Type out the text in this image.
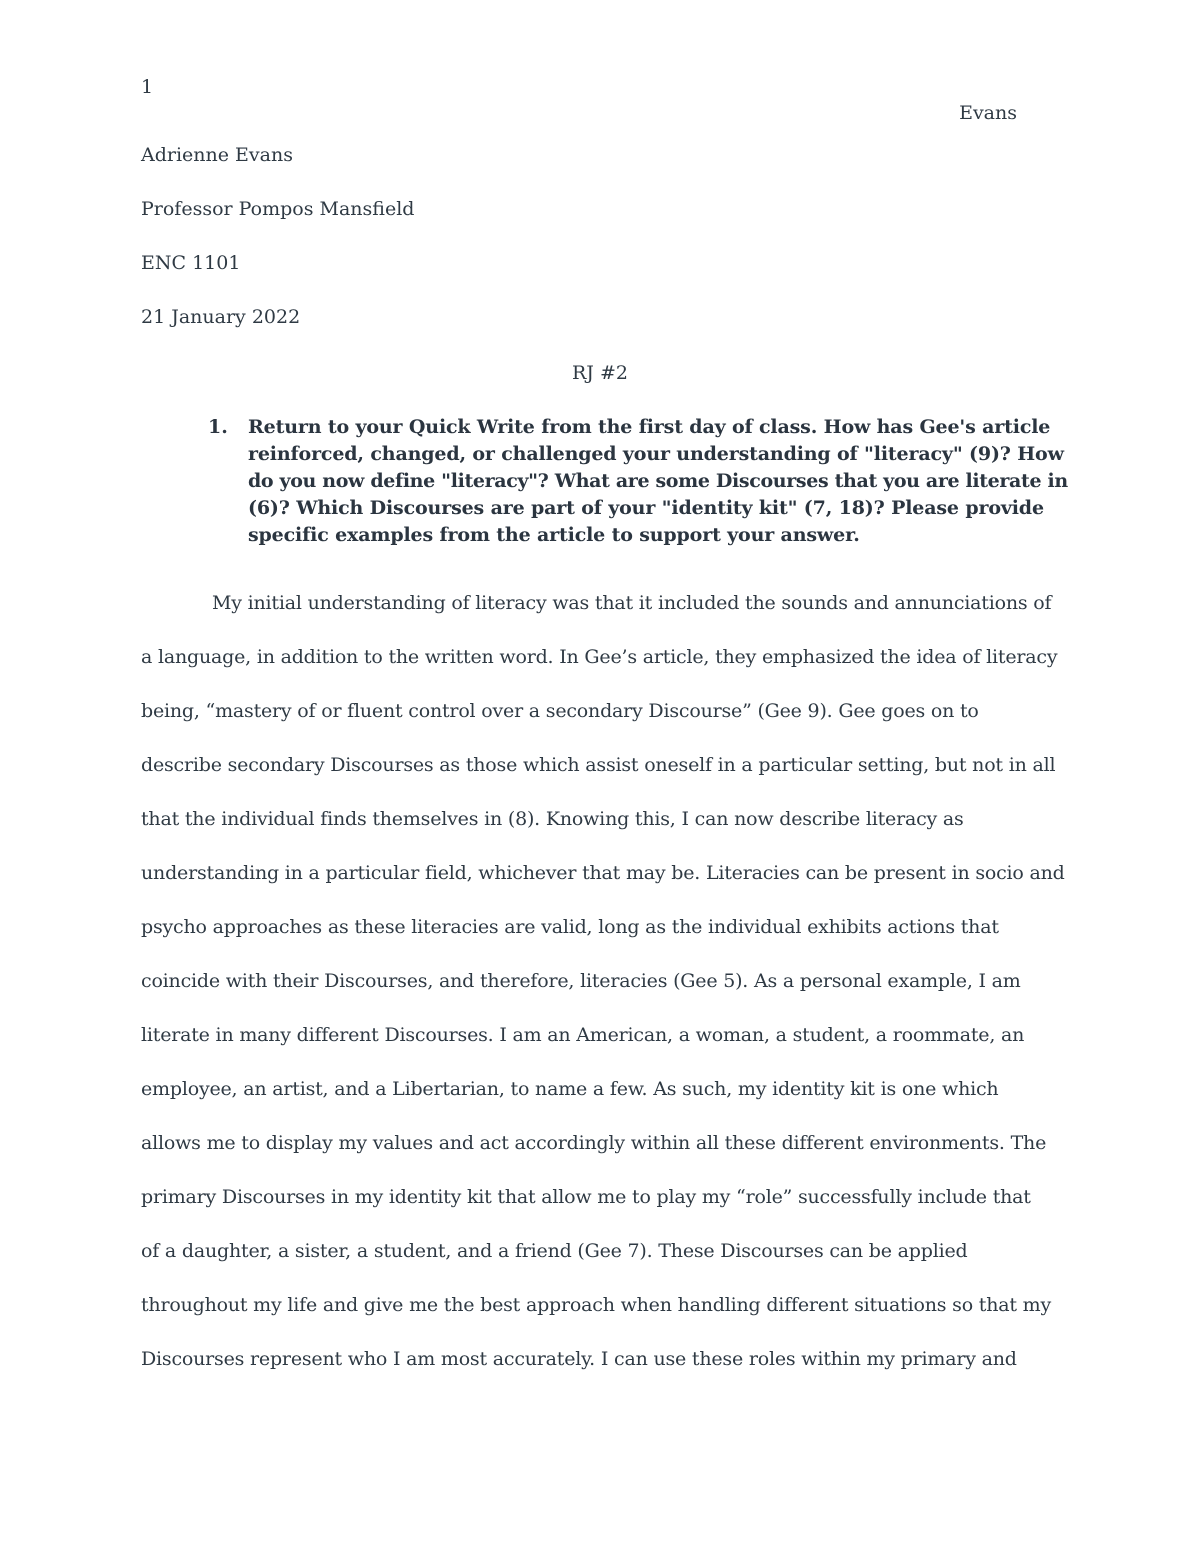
1
Evans
Adrienne Evans
Professor Pompos Mansfield
ENC 1101
21 January 2022
RJ #2
1.	Return to your Quick Write from the first day of class. How has Gee's article
reinforced, changed, or challenged your understanding of "literacy" (9)? How
do you now define "literacy"? What are some Discourses that you are literate in
(6)? Which Discourses are part of your "identity kit" (7, 18)? Please provide
specific examples from the article to support your answer.
My initial understanding of literacy was that it included the sounds and annunciations of
a language, in addition to the written word. In Gee’s article, they emphasized the idea of literacy
being, “mastery of or fluent control over a secondary Discourse” (Gee 9). Gee goes on to
describe secondary Discourses as those which assist oneself in a particular setting, but not in all
that the individual finds themselves in (8). Knowing this, I can now describe literacy as
understanding in a particular field, whichever that may be. Literacies can be present in socio and
psycho approaches as these literacies are valid, long as the individual exhibits actions that
coincide with their Discourses, and therefore, literacies (Gee 5). As a personal example, I am
literate in many different Discourses. I am an American, a woman, a student, a roommate, an
employee, an artist, and a Libertarian, to name a few. As such, my identity kit is one which
allows me to display my values and act accordingly within all these different environments. The
primary Discourses in my identity kit that allow me to play my “role” successfully include that
of a daughter, a sister, a student, and a friend (Gee 7). These Discourses can be applied
throughout my life and give me the best approach when handling different situations so that my
Discourses represent who I am most accurately. I can use these roles within my primary and
